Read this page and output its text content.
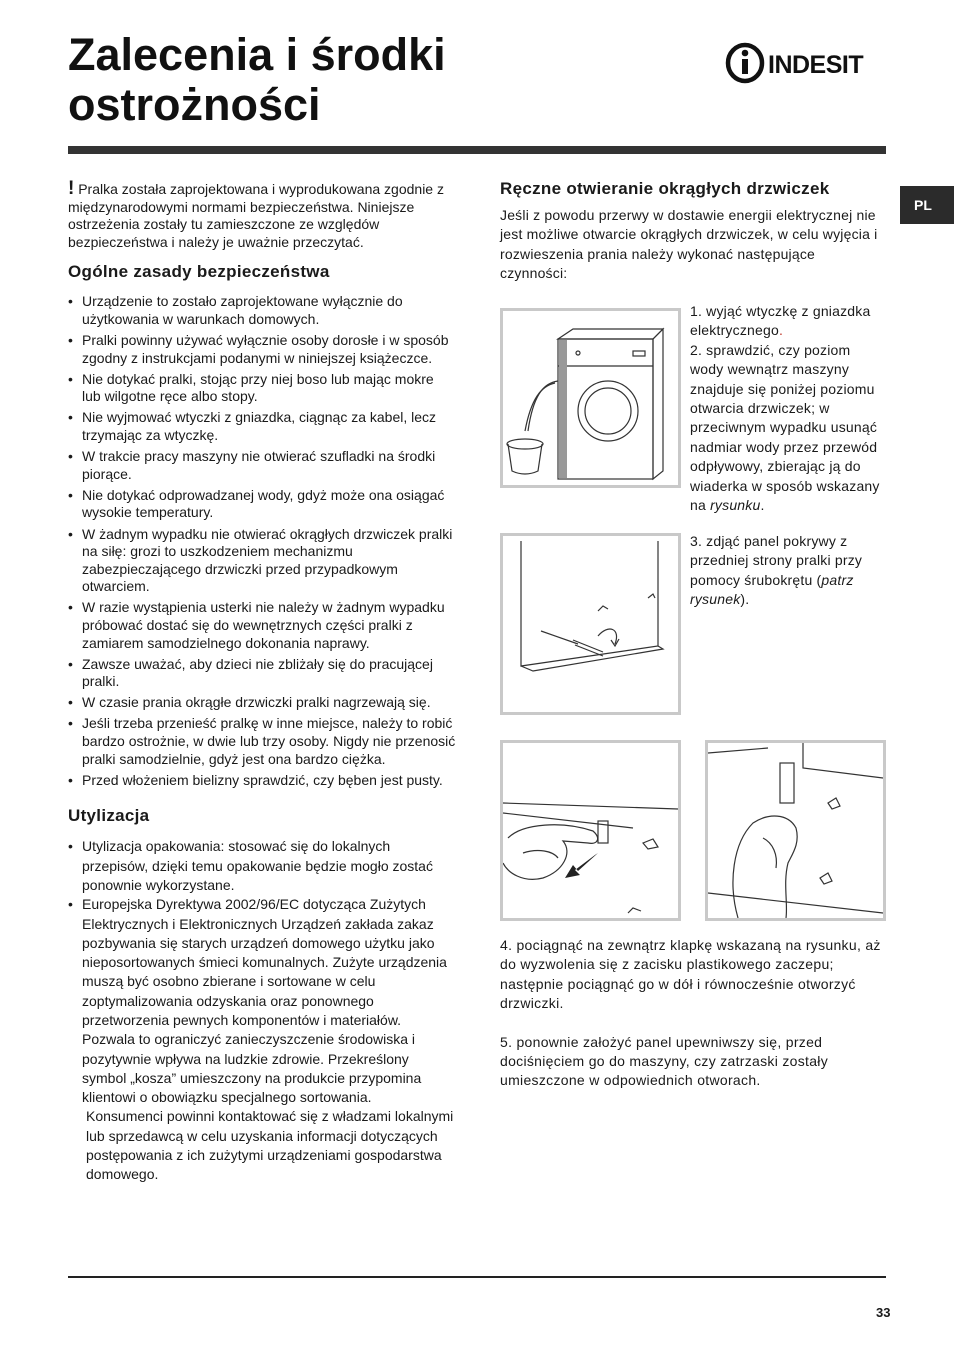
Zalecenia i środki
ostrożności
INDESIT
PL

! Pralka została zaprojektowana i wyprodukowana zgodnie z międzynarodowymi normami bezpieczeństwa. Niniejsze ostrzeżenia zostały tu zamieszczone ze względów bezpieczeństwa i należy je uważnie przeczytać.

Ogólne zasady bezpieczeństwa
• Urządzenie to zostało zaprojektowane wyłącznie do użytkowania w warunkach domowych.
• Pralki powinny używać wyłącznie osoby dorosłe i w sposób zgodny z instrukcjami podanymi w niniejszej książeczce.
• Nie dotykać pralki, stojąc przy niej boso lub mając mokre lub wilgotne ręce albo stopy.
• Nie wyjmować wtyczki z gniazdka, ciągnąc za kabel, lecz trzymając za wtyczkę.
• W trakcie pracy maszyny nie otwierać szufladki na środki piorące.
• Nie dotykać odprowadzanej wody, gdyż może ona osiągać wysokie temperatury.
• W żadnym wypadku nie otwierać okrągłych drzwiczek pralki na siłę: grozi to uszkodzeniem mechanizmu zabezpieczającego drzwiczki przed przypadkowym otwarciem.
• W razie wystąpienia usterki nie należy w żadnym wypadku próbować dostać się do wewnętrznych części pralki z zamiarem samodzielnego dokonania naprawy.
• Zawsze uważać, aby dzieci nie zbliżały się do pracującej pralki.
• W czasie prania okrągłe drzwiczki pralki nagrzewają się.
• Jeśli trzeba przenieść pralkę w inne miejsce, należy to robić bardzo ostrożnie, w dwie lub trzy osoby. Nigdy nie przenosić pralki samodzielnie, gdyż jest ona bardzo ciężka.
• Przed włożeniem bielizny sprawdzić, czy bęben jest pusty.
Utylizacja
• Utylizacja opakowania: stosować się do lokalnych przepisów, dzięki temu opakowanie będzie mogło zostać ponownie wykorzystane.
• Europejska Dyrektywa 2002/96/EC dotycząca Zużytych Elektrycznych i Elektronicznych Urządzeń zakłada zakaz pozbywania się starych urządzeń domowego użytku jako nieposortowanych śmieci komunalnych. Zużyte urządzenia muszą być osobno zbierane i sortowane w celu zoptymalizowania odzyskania oraz ponownego przetworzenia pewnych komponentów i materiałów. Pozwala to ograniczyć zanieczyszczenie środowiska i pozytywnie wpływa na ludzkie zdrowie. Przekreślony symbol „kosza” umieszczony na produkcie przypomina klientowi o obowiązku specjalnego sortowania.
Konsumenci powinni kontaktować się z władzami lokalnymi lub sprzedawcą w celu uzyskania informacji dotyczących postępowania z ich zużytymi urządzeniami gospodarstwa domowego.
Ręczne otwieranie okrągłych drzwiczek

Jeśli z powodu przerwy w dostawie energii elektrycznej nie jest możliwe otwarcie okrągłych drzwiczek, w celu wyjęcia i rozwieszenia prania należy wykonać następujące czynności:

1. wyjąć wtyczkę z gniazdka elektrycznego.

2. sprawdzić, czy poziom wody wewnątrz maszyny znajduje się poniżej poziomu otwarcia drzwiczek; w przeciwnym wypadku usunąć nadmiar wody przez przewód odpływowy, zbierając ją do wiaderka w sposób wskazany na rysunku.

3. zdjąć panel pokrywy z przedniej strony pralki przy pomocy śrubokrętu (patrz rysunek).

4. pociągnąć na zewnątrz klapkę wskazaną na rysunku, aż do wyzwolenia się z zacisku plastikowego zaczepu; następnie pociągnąć go w dół i równocześnie otworzyć drzwiczki.

5. ponownie założyć panel upewniwszy się, przed dociśnięciem go do maszyny, czy zatrzaski zostały umieszczone w odpowiednich otworach.

33
